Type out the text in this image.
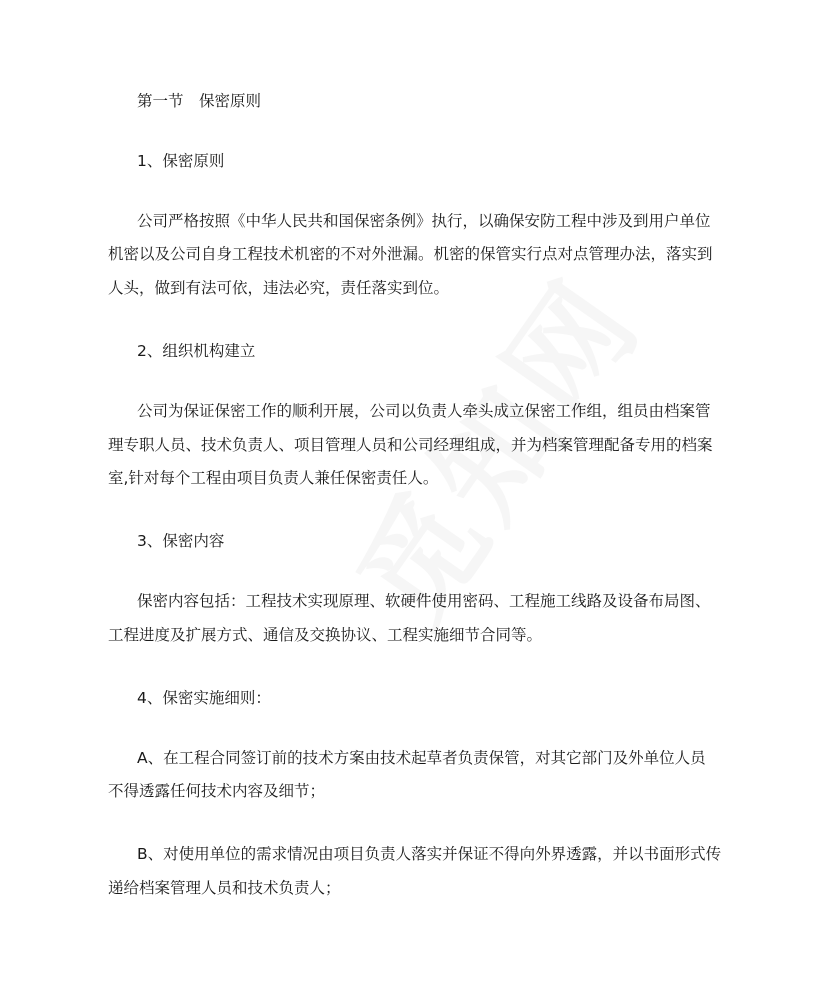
第一节　保密原则
1、保密原则
公司严格按照《中华人民共和国保密条例》执行，以确保安防工程中涉及到用户单位
机密以及公司自身工程技术机密的不对外泄漏。机密的保管实行点对点管理办法，落实到
人头，做到有法可依，违法必究，责任落实到位。
2、组织机构建立
公司为保证保密工作的顺利开展，公司以负责人牵头成立保密工作组，组员由档案管
理专职人员、技术负责人、项目管理人员和公司经理组成，并为档案管理配备专用的档案
室,针对每个工程由项目负责人兼任保密责任人。
3、保密内容
保密内容包括：工程技术实现原理、软硬件使用密码、工程施工线路及设备布局图、
工程进度及扩展方式、通信及交换协议、工程实施细节合同等。
4、保密实施细则：
A、在工程合同签订前的技术方案由技术起草者负责保管，对其它部门及外单位人员
不得透露任何技术内容及细节；
B、对使用单位的需求情况由项目负责人落实并保证不得向外界透露，并以书面形式传
递给档案管理人员和技术负责人；
